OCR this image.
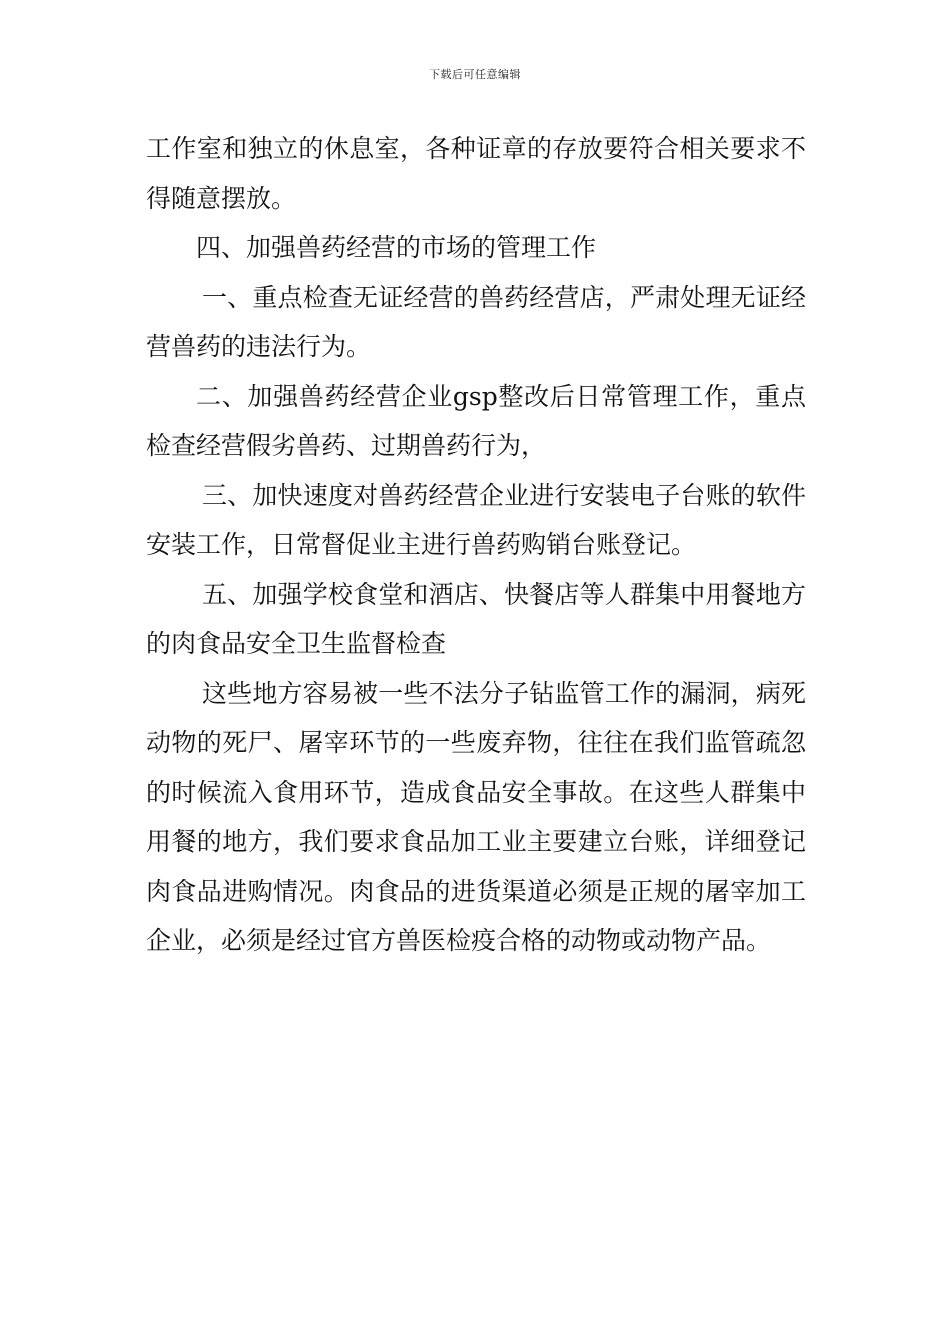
下载后可任意编辑

工作室和独立的休息室，各种证章的存放要符合相关要求不得随意摆放。

四、加强兽药经营的市场的管理工作

一、重点检查无证经营的兽药经营店，严肃处理无证经营兽药的违法行为。

二、加强兽药经营企业gsp整改后日常管理工作，重点检查经营假劣兽药、过期兽药行为，

三、加快速度对兽药经营企业进行安装电子台账的软件安装工作，日常督促业主进行兽药购销台账登记。

五、加强学校食堂和酒店、快餐店等人群集中用餐地方的肉食品安全卫生监督检查

这些地方容易被一些不法分子钻监管工作的漏洞，病死动物的死尸、屠宰环节的一些废弃物，往往在我们监管疏忽的时候流入食用环节，造成食品安全事故。在这些人群集中用餐的地方，我们要求食品加工业主要建立台账，详细登记肉食品进购情况。肉食品的进货渠道必须是正规的屠宰加工企业，必须是经过官方兽医检疫合格的动物或动物产品。
